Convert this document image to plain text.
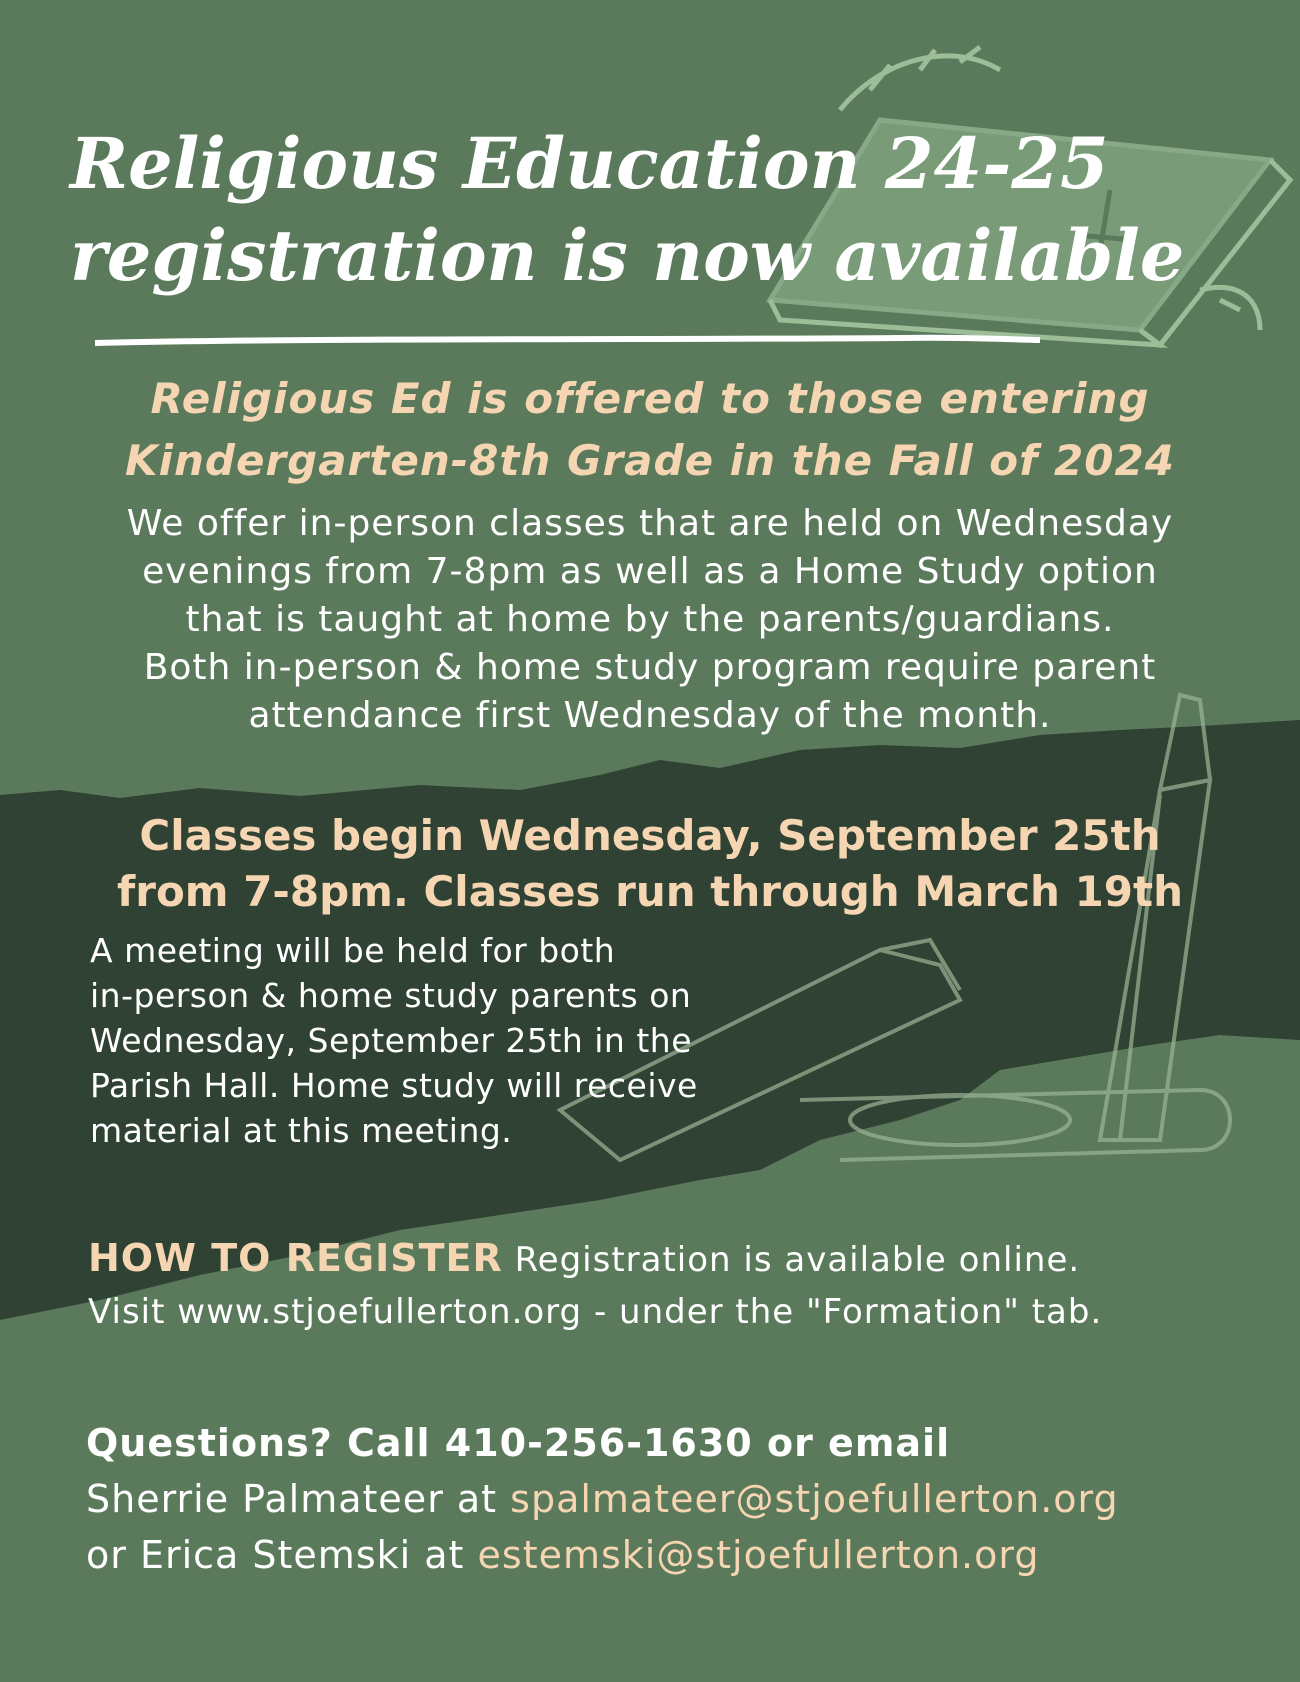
Religious Education 24-25
registration is now available
Religious Ed is offered to those entering
Kindergarten-8th Grade in the Fall of 2024
We offer in-person classes that are held on Wednesday
evenings from 7-8pm as well as a Home Study option
that is taught at home by the parents/guardians.
Both in-person & home study program require parent
attendance first Wednesday of the month.
Classes begin Wednesday, September 25th
from 7-8pm. Classes run through March 19th
A meeting will be held for both
in-person & home study parents on
Wednesday, September 25th in the
Parish Hall. Home study will receive
material at this meeting.
HOW TO REGISTER Registration is available online.
Visit www.stjoefullerton.org - under the "Formation" tab.
Questions? Call 410-256-1630 or email
Sherrie Palmateer at spalmateer@stjoefullerton.org
or Erica Stemski at estemski@stjoefullerton.org
